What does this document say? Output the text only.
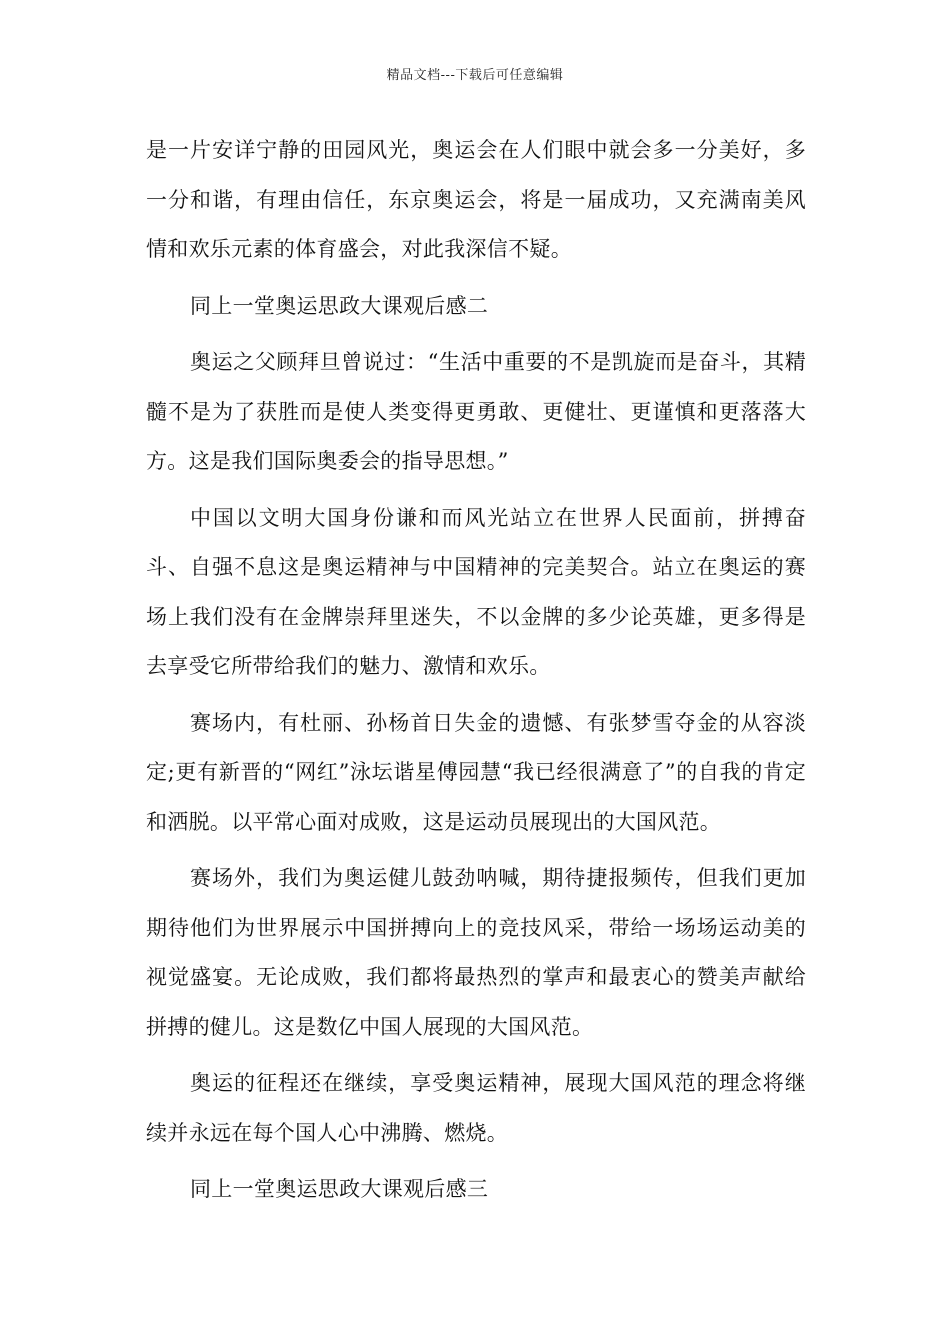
精品文档---下载后可任意编辑

是一片安详宁静的田园风光，奥运会在人们眼中就会多一分美好，多一分和谐，有理由信任，东京奥运会，将是一届成功，又充满南美风情和欢乐元素的体育盛会，对此我深信不疑。

同上一堂奥运思政大课观后感二

奥运之父顾拜旦曾说过：“生活中重要的不是凯旋而是奋斗，其精髓不是为了获胜而是使人类变得更勇敢、更健壮、更谨慎和更落落大方。这是我们国际奥委会的指导思想。”

中国以文明大国身份谦和而风光站立在世界人民面前，拼搏奋斗、自强不息这是奥运精神与中国精神的完美契合。站立在奥运的赛场上我们没有在金牌崇拜里迷失，不以金牌的多少论英雄，更多得是去享受它所带给我们的魅力、激情和欢乐。

赛场内，有杜丽、孙杨首日失金的遗憾、有张梦雪夺金的从容淡定;更有新晋的“网红”泳坛谐星傅园慧“我已经很满意了”的自我的肯定和洒脱。以平常心面对成败，这是运动员展现出的大国风范。

赛场外，我们为奥运健儿鼓劲呐喊，期待捷报频传，但我们更加期待他们为世界展示中国拼搏向上的竞技风采，带给一场场运动美的视觉盛宴。无论成败，我们都将最热烈的掌声和最衷心的赞美声献给拼搏的健儿。这是数亿中国人展现的大国风范。

奥运的征程还在继续，享受奥运精神，展现大国风范的理念将继续并永远在每个国人心中沸腾、燃烧。

同上一堂奥运思政大课观后感三
